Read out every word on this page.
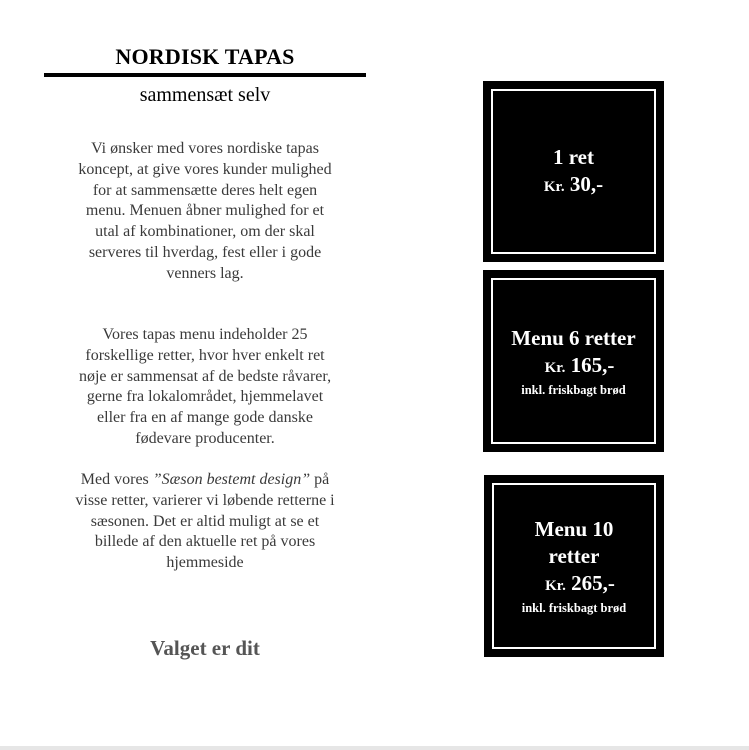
NORDISK TAPAS
sammensæt selv
Vi ønsker med vores nordiske tapas koncept, at give vores kunder mulighed for at sammensætte deres helt egen menu. Menuen åbner mulighed for et utal af kombinationer, om der skal serveres til hverdag, fest eller i gode venners lag.
Vores tapas menu indeholder 25 forskellige retter, hvor hver enkelt ret nøje er sammensat af de bedste råvarer, gerne fra lokalområdet, hjemmelavet eller fra en af mange gode danske fødevare producenter.
Med vores ”Sæson bestemt design” på visse retter, varierer vi løbende retterne i sæsonen. Det er altid muligt at se et billede af den aktuelle ret på vores hjemmeside
Valget er dit
1 ret
Kr. 30,-
Menu 6 retter
Kr. 165,-
inkl. friskbagt brød
Menu 10
retter
Kr. 265,-
inkl. friskbagt brød
